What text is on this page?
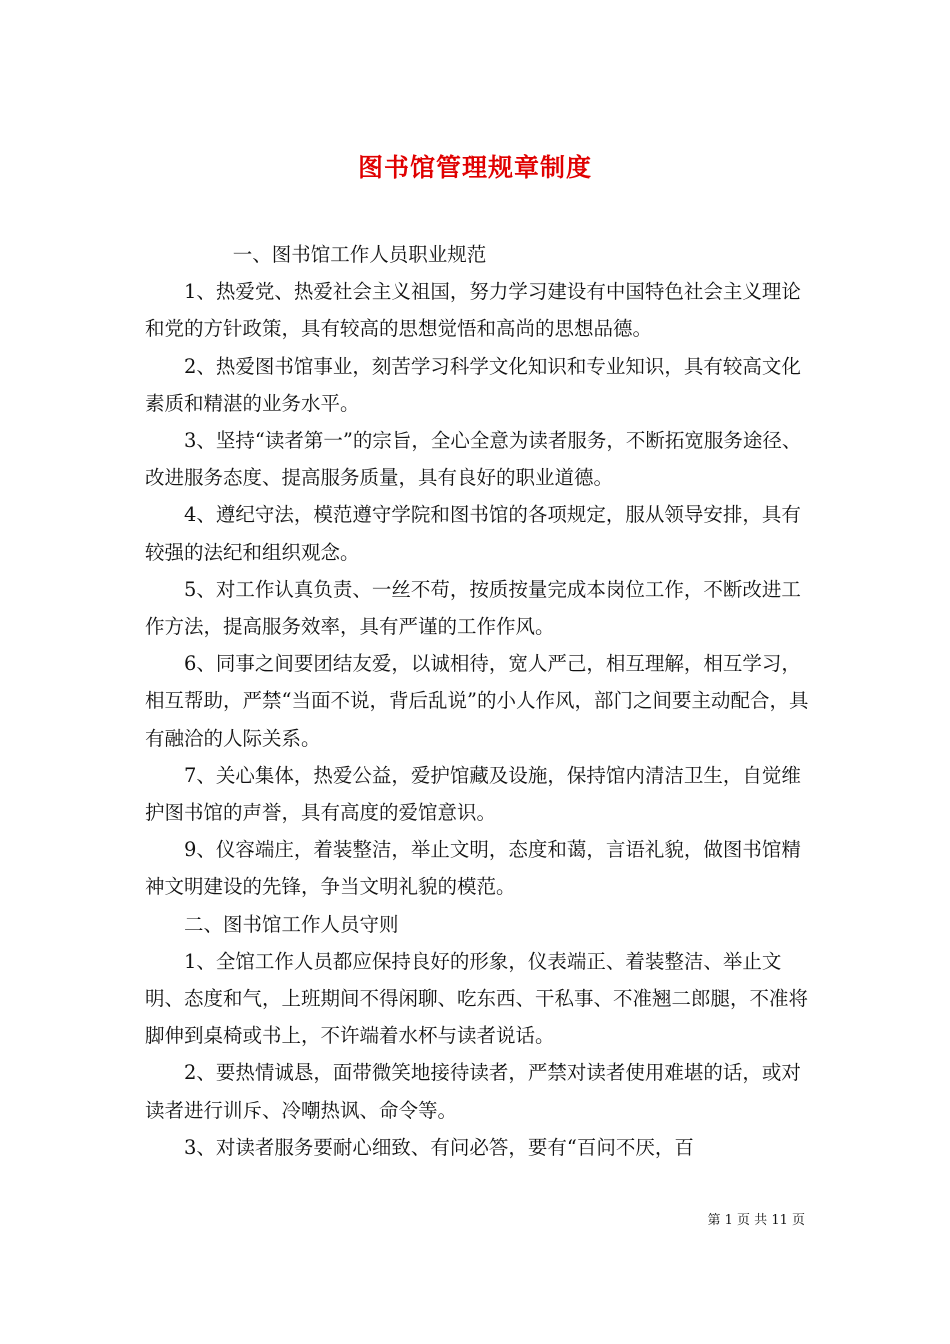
图书馆管理规章制度

一、图书馆工作人员职业规范

1、热爱党、热爱社会主义祖国，努力学习建设有中国特色社会主义理论和党的方针政策，具有较高的思想觉悟和高尚的思想品德。

2、热爱图书馆事业，刻苦学习科学文化知识和专业知识，具有较高文化素质和精湛的业务水平。

3、坚持“读者第一”的宗旨，全心全意为读者服务，不断拓宽服务途径、改进服务态度、提高服务质量，具有良好的职业道德。

4、遵纪守法，模范遵守学院和图书馆的各项规定，服从领导安排，具有较强的法纪和组织观念。

5、对工作认真负责、一丝不苟，按质按量完成本岗位工作，不断改进工作方法，提高服务效率，具有严谨的工作作风。

6、同事之间要团结友爱，以诚相待，宽人严己，相互理解，相互学习，相互帮助，严禁“当面不说，背后乱说”的小人作风，部门之间要主动配合，具有融洽的人际关系。

7、关心集体，热爱公益，爱护馆藏及设施，保持馆内清洁卫生，自觉维护图书馆的声誉，具有高度的爱馆意识。

9、仪容端庄，着装整洁，举止文明，态度和蔼，言语礼貌，做图书馆精神文明建设的先锋，争当文明礼貌的模范。

二、图书馆工作人员守则

1、全馆工作人员都应保持良好的形象，仪表端正、着装整洁、举止文明、态度和气，上班期间不得闲聊、吃东西、干私事、不准翘二郎腿，不准将脚伸到桌椅或书上，不许端着水杯与读者说话。

2、要热情诚恳，面带微笑地接待读者，严禁对读者使用难堪的话，或对读者进行训斥、冷嘲热讽、命令等。

3、对读者服务要耐心细致、有问必答，要有“百问不厌，百

第 1 页 共 11 页
